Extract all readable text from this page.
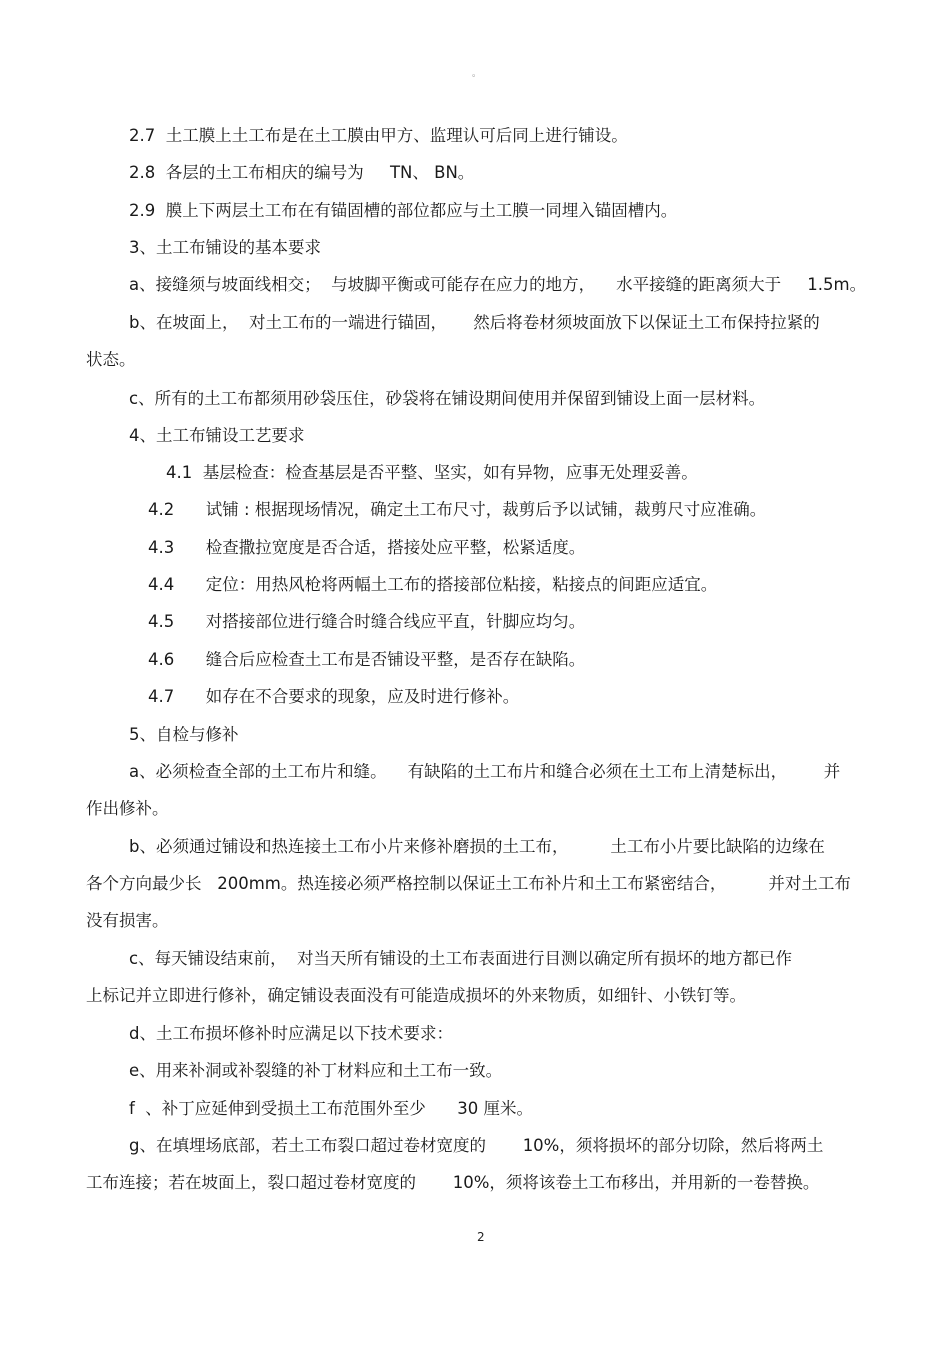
。
2.7  土工膜上土工布是在土工膜由甲方、监理认可后同上进行铺设。
2.8  各层的土工布相庆的编号为     TN、 BN。
2.9  膜上下两层土工布在有锚固槽的部位都应与土工膜一同埋入锚固槽内。
3、土工布铺设的基本要求
a、接缝须与坡面线相交；  与坡脚平衡或可能存在应力的地方，    水平接缝的距离须大于     1.5m。
b、在坡面上，  对土工布的一端进行锚固，     然后将卷材须坡面放下以保证土工布保持拉紧的
状态。
c、所有的土工布都须用砂袋压住，砂袋将在铺设期间使用并保留到铺设上面一层材料。
4、土工布铺设工艺要求
4.1  基层检查：检查基层是否平整、坚实，如有异物，应事无处理妥善。
4.2      试铺 : 根据现场情况，确定土工布尺寸，裁剪后予以试铺，裁剪尺寸应准确。
4.3      检查撒拉宽度是否合适，搭接处应平整，松紧适度。
4.4      定位：用热风枪将两幅土工布的搭接部位粘接，粘接点的间距应适宜。
4.5      对搭接部位进行缝合时缝合线应平直，针脚应均匀。
4.6      缝合后应检查土工布是否铺设平整，是否存在缺陷。
4.7      如存在不合要求的现象，应及时进行修补。
5、自检与修补
a、必须检查全部的土工布片和缝。    有缺陷的土工布片和缝合必须在土工布上清楚标出，       并
作出修补。
b、必须通过铺设和热连接土工布小片来修补磨损的土工布，        土工布小片要比缺陷的边缘在
各个方向最少长   200mm。热连接必须严格控制以保证土工布补片和土工布紧密结合，        并对土工布
没有损害。
c、每天铺设结束前，  对当天所有铺设的土工布表面进行目测以确定所有损坏的地方都已作
上标记并立即进行修补，确定铺设表面没有可能造成损坏的外来物质，如细针、小铁钉等。
d、土工布损坏修补时应满足以下技术要求：
e、用来补洞或补裂缝的补丁材料应和土工布一致。
f  、补丁应延伸到受损土工布范围外至少      30 厘米。
g、在填埋场底部，若土工布裂口超过卷材宽度的       10%，须将损坏的部分切除，然后将两土
工布连接；若在坡面上，裂口超过卷材宽度的       10%，须将该卷土工布移出，并用新的一卷替换。
2
